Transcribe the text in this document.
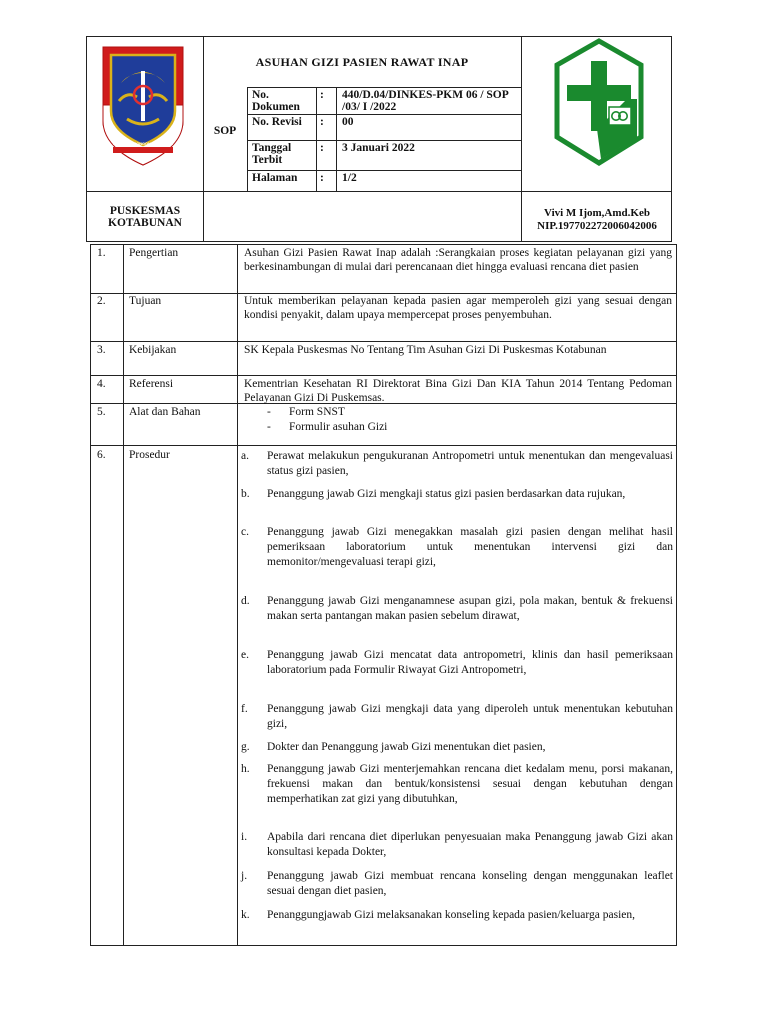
BOLAANG MONGONDOW TIMUR
ASUHAN GIZI PASIEN RAWAT INAP
SOP
No. Dokumen
: 440/D.04/DINKES-PKM 06 / SOP /03/ I /2022
No. Revisi	: 00
Tanggal Terbit
: 3 Januari 2022
Halaman	: 1/2
PUSKESMAS
KOTABUNAN
Vivi M Ijom,Amd.Keb
NIP.197702272006042006
1. Pengertian	Asuhan Gizi Pasien Rawat Inap adalah :Serangkaian proses kegiatan pelayanan gizi yang berkesinambungan di mulai dari perencanaan diet hingga evaluasi rencana diet pasien
2. Tujuan	Untuk memberikan pelayanan kepada pasien agar memperoleh gizi yang sesuai dengan kondisi penyakit, dalam upaya mempercepat proses penyembuhan.
3. Kebijakan	SK Kepala Puskesmas No Tentang Tim Asuhan Gizi Di Puskesmas Kotabunan
4. Referensi	Kementrian Kesehatan RI Direktorat Bina Gizi Dan KIA Tahun 2014 Tentang Pedoman Pelayanan Gizi Di Puskemsas.
5. Alat dan Bahan	- Form SNST
- Formulir asuhan Gizi
6. Prosedur	a.	Perawat melakukun pengukuranan Antropometri untuk menentukan dan mengevaluasi status gizi pasien,
b.	Penanggung jawab Gizi mengkaji status gizi pasien berdasarkan data rujukan,
c.	Penanggung jawab Gizi menegakkan masalah gizi pasien dengan melihat hasil pemeriksaan laboratorium untuk menentukan intervensi gizi dan memonitor/mengevaluasi terapi gizi,
d.	Penanggung jawab Gizi menganamnese asupan gizi, pola makan, bentuk & frekuensi makan serta pantangan makan pasien sebelum dirawat,
e.	Penanggung jawab Gizi mencatat data antropometri, klinis dan hasil pemeriksaan laboratorium pada Formulir Riwayat Gizi Antropometri,
f.	Penanggung jawab Gizi mengkaji data yang diperoleh untuk menentukan kebutuhan gizi,
g.	Dokter dan Penanggung jawab Gizi menentukan diet pasien,
h.	Penanggung jawab Gizi menterjemahkan rencana diet kedalam menu, porsi makanan, frekuensi makan dan bentuk/konsistensi sesuai dengan kebutuhan dengan memperhatikan zat gizi yang dibutuhkan,
i.	Apabila dari rencana diet diperlukan penyesuaian maka Penanggung jawab Gizi akan konsultasi kepada Dokter,
j.	Penanggung jawab Gizi membuat rencana konseling dengan menggunakan leaflet sesuai dengan diet pasien,
k.	Penanggungjawab Gizi melaksanakan konseling kepada pasien/keluarga pasien,
